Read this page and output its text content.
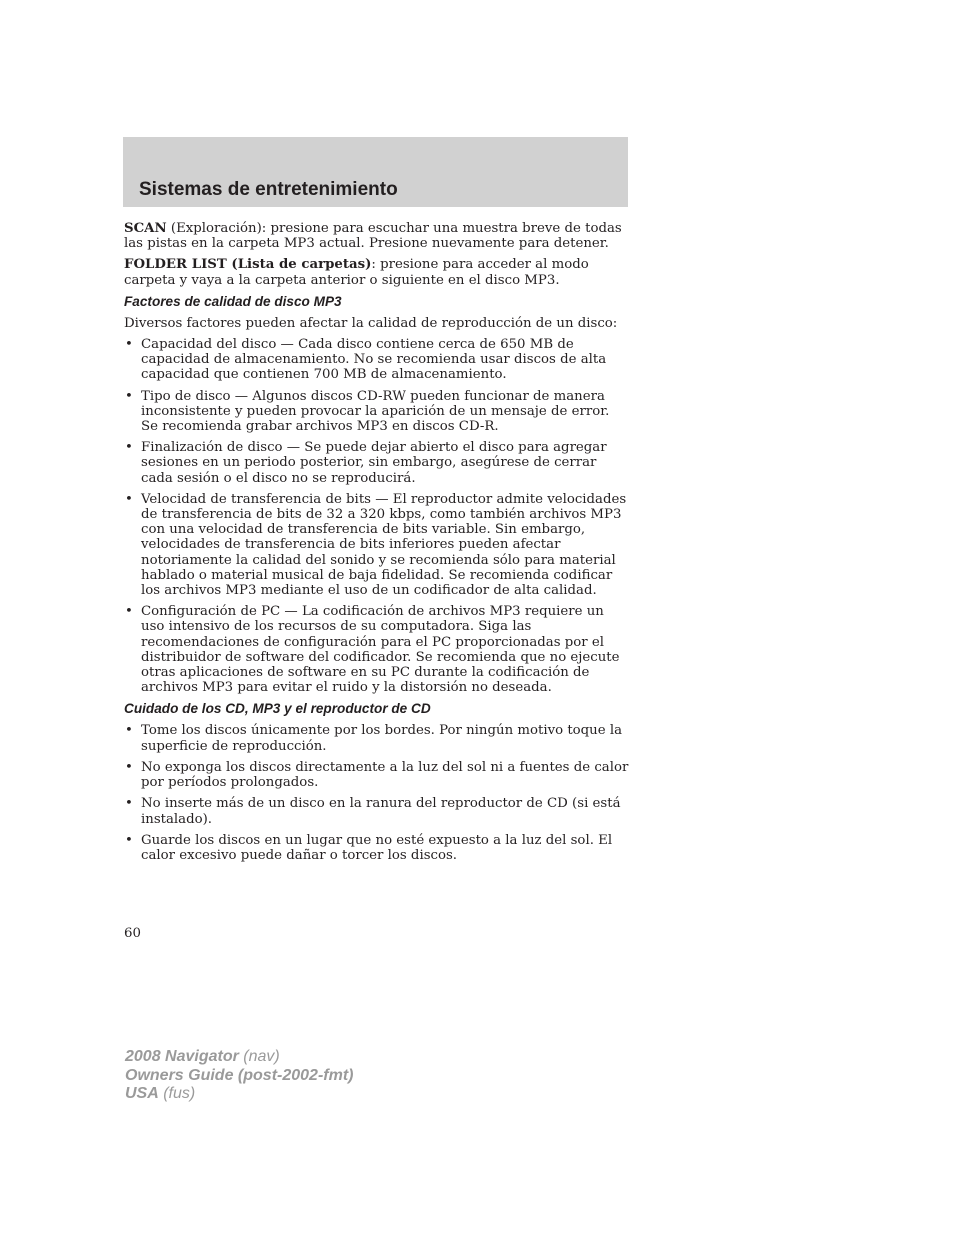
Sistemas de entretenimiento

SCAN (Exploración): presione para escuchar una muestra breve de todas las pistas en la carpeta MP3 actual. Presione nuevamente para detener.

FOLDER LIST (Lista de carpetas): presione para acceder al modo carpeta y vaya a la carpeta anterior o siguiente en el disco MP3.

Factores de calidad de disco MP3

Diversos factores pueden afectar la calidad de reproducción de un disco:

• Capacidad del disco — Cada disco contiene cerca de 650 MB de capacidad de almacenamiento. No se recomienda usar discos de alta capacidad que contienen 700 MB de almacenamiento.
• Tipo de disco — Algunos discos CD-RW pueden funcionar de manera inconsistente y pueden provocar la aparición de un mensaje de error. Se recomienda grabar archivos MP3 en discos CD-R.
• Finalización de disco — Se puede dejar abierto el disco para agregar sesiones en un periodo posterior, sin embargo, asegúrese de cerrar cada sesión o el disco no se reproducirá.
• Velocidad de transferencia de bits — El reproductor admite velocidades de transferencia de bits de 32 a 320 kbps, como también archivos MP3 con una velocidad de transferencia de bits variable. Sin embargo, velocidades de transferencia de bits inferiores pueden afectar notoriamente la calidad del sonido y se recomienda sólo para material hablado o material musical de baja fidelidad. Se recomienda codificar los archivos MP3 mediante el uso de un codificador de alta calidad.
• Configuración de PC — La codificación de archivos MP3 requiere un uso intensivo de los recursos de su computadora. Siga las recomendaciones de configuración para el PC proporcionadas por el distribuidor de software del codificador. Se recomienda que no ejecute otras aplicaciones de software en su PC durante la codificación de archivos MP3 para evitar el ruido y la distorsión no deseada.
Cuidado de los CD, MP3 y el reproductor de CD
• Tome los discos únicamente por los bordes. Por ningún motivo toque la superficie de reproducción.
• No exponga los discos directamente a la luz del sol ni a fuentes de calor por períodos prolongados.
• No inserte más de un disco en la ranura del reproductor de CD (si está instalado).
• Guarde los discos en un lugar que no esté expuesto a la luz del sol. El calor excesivo puede dañar o torcer los discos.
60
2008 Navigator (nav)
Owners Guide (post-2002-fmt)
USA (fus)
